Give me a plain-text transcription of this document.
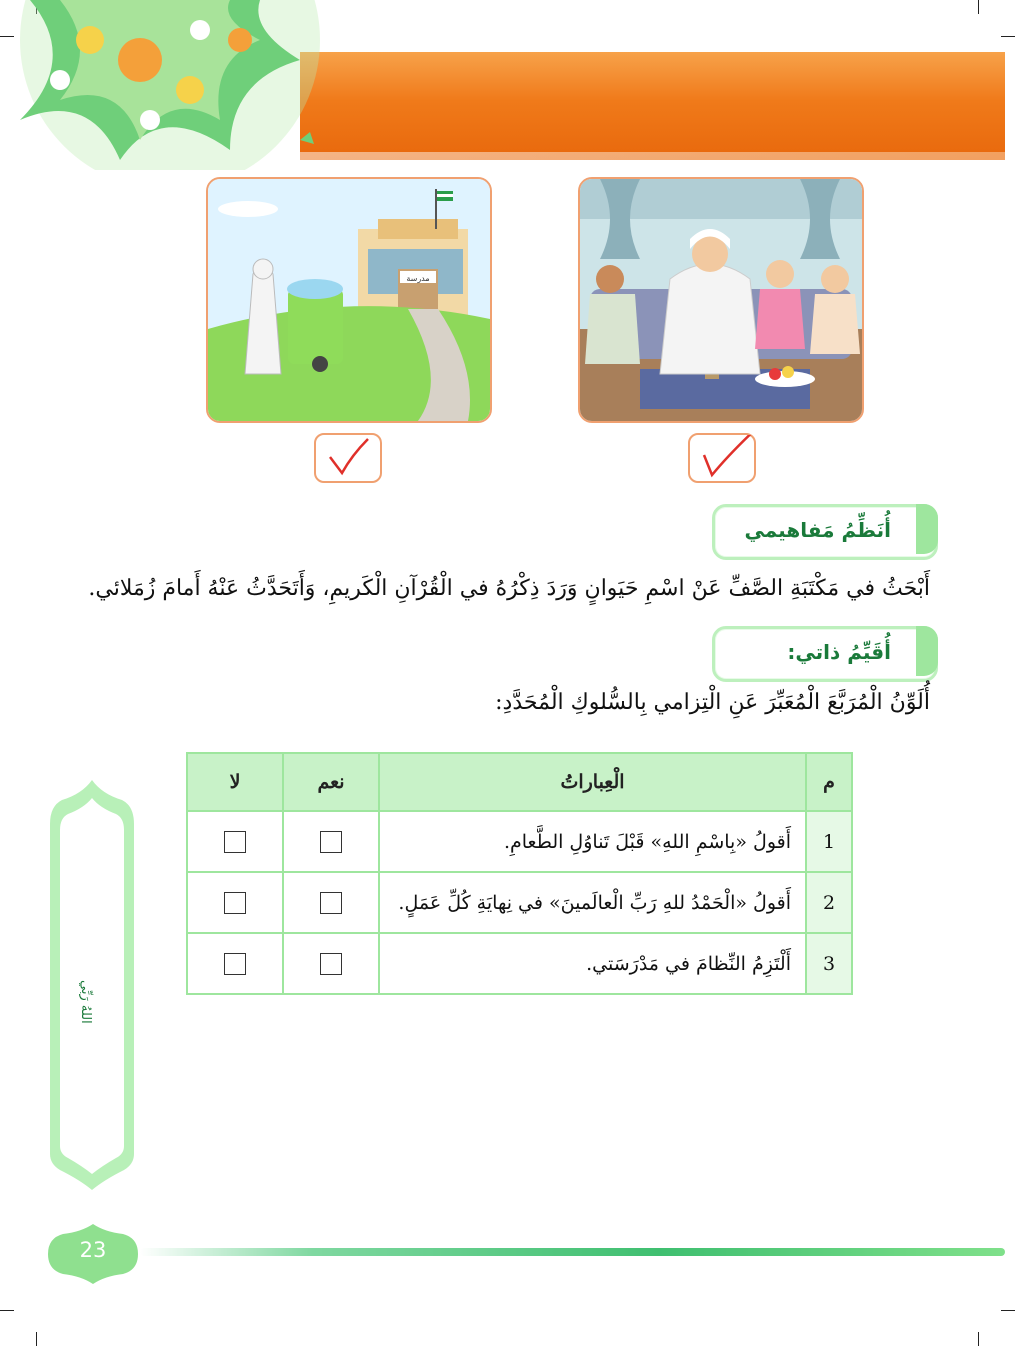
مدرسة
أُنَظِّمُ مَفاهيمي
أَبْحَثُ في مَكْتَبَةِ الصَّفِّ عَنْ اسْمِ حَيَوانٍ وَرَدَ ذِكْرُهُ في الْقُرْآنِ الْكَريمِ، وَأَتَحَدَّثُ عَنْهُ أَمامَ زُمَلائي.
أُقَيِّمُ ذاتي:
أُلَوِّنُ الْمُرَبَّعَ الْمُعَبِّرَ عَنِ الْتِزامي بِالسُّلوكِ الْمُحَدَّدِ:
م	الْعِباراتُ	نعم	لا
1	أَقولُ «بِاسْمِ اللهِ» قَبْلَ تَناوُلِ الطَّعامِ.		
2	أَقولُ «الْحَمْدُ للهِ رَبِّ الْعالَمينَ» في نِهايَةِ كُلِّ عَمَلٍ.		
3	أَلْتَزِمُ النِّظامَ في مَدْرَسَتي.		
اللهُ رَبِّي
23
